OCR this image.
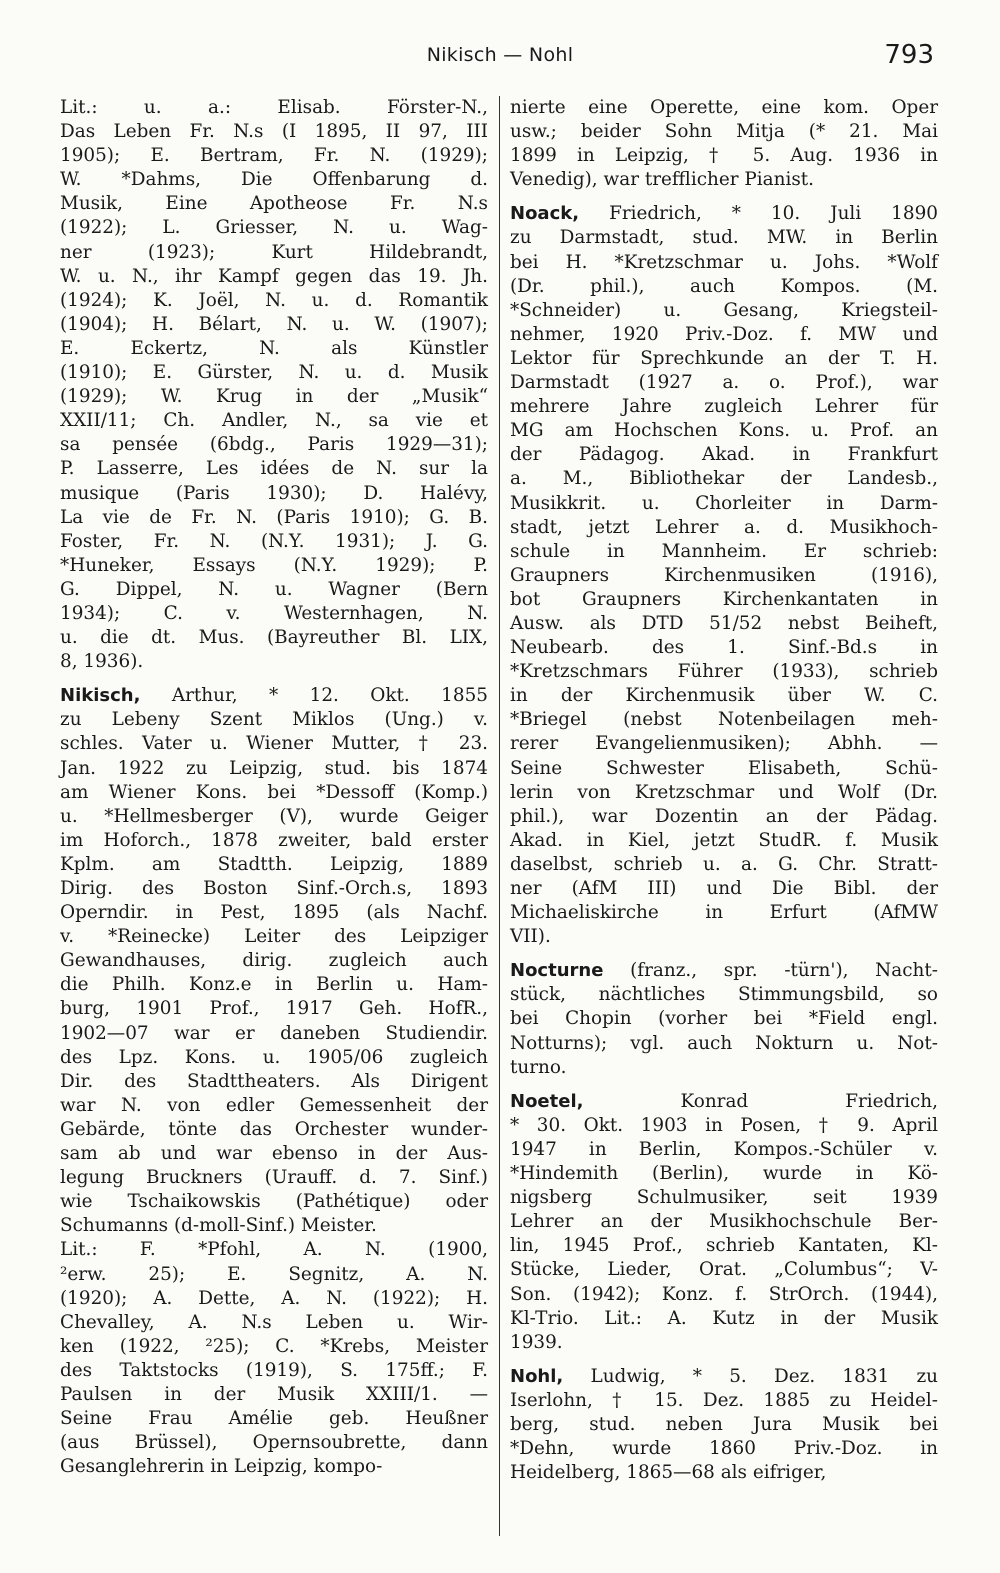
Nikisch — Nohl	793
Lit.: u. a.: Elisab. Förster-N.,
Das Leben Fr. N.s (I 1895, II 97, III
1905); E. Bertram, Fr. N. (1929);
W. *Dahms, Die Offenbarung d.
Musik, Eine Apotheose Fr. N.s
(1922); L. Griesser, N. u. Wag-
ner (1923); Kurt Hildebrandt,
W. u. N., ihr Kampf gegen das 19. Jh.
(1924); K. Joël, N. u. d. Romantik
(1904); H. Bélart, N. u. W. (1907);
E. Eckertz, N. als Künstler
(1910); E. Gürster, N. u. d. Musik
(1929); W. Krug in der „Musik“
XXII/11; Ch. Andler, N., sa vie et
sa pensée (6bdg., Paris 1929—31);
P. Lasserre, Les idées de N. sur la
musique (Paris 1930); D. Halévy,
La vie de Fr. N. (Paris 1910); G. B.
Foster, Fr. N. (N.Y. 1931); J. G.
*Huneker, Essays (N.Y. 1929); P.
G. Dippel, N. u. Wagner (Bern
1934); C. v. Westernhagen, N.
u. die dt. Mus. (Bayreuther Bl. LIX,
8, 1936).
Nikisch, Arthur, * 12. Okt. 1855
zu Lebeny Szent Miklos (Ung.) v.
schles. Vater u. Wiener Mutter, † 23.
Jan. 1922 zu Leipzig, stud. bis 1874
am Wiener Kons. bei *Dessoff (Komp.)
u. *Hellmesberger (V), wurde Geiger
im Hoforch., 1878 zweiter, bald erster
Kplm. am Stadtth. Leipzig, 1889
Dirig. des Boston Sinf.-Orch.s, 1893
Operndir. in Pest, 1895 (als Nachf.
v. *Reinecke) Leiter des Leipziger
Gewandhauses, dirig. zugleich auch
die Philh. Konz.e in Berlin u. Ham-
burg, 1901 Prof., 1917 Geh. HofR.,
1902—07 war er daneben Studiendir.
des Lpz. Kons. u. 1905/06 zugleich
Dir. des Stadttheaters. Als Dirigent
war N. von edler Gemessenheit der
Gebärde, tönte das Orchester wunder-
sam ab und war ebenso in der Aus-
legung Bruckners (Urauff. d. 7. Sinf.)
wie Tschaikowskis (Pathétique) oder
Schumanns (d-moll-Sinf.) Meister.
Lit.: F. *Pfohl, A. N. (1900,
²erw. 25); E. Segnitz, A. N.
(1920); A. Dette, A. N. (1922); H.
Chevalley, A. N.s Leben u. Wir-
ken (1922, ²25); C. *Krebs, Meister
des Taktstocks (1919), S. 175ff.; F.
Paulsen in der Musik XXIII/1. —
Seine Frau Amélie geb. Heußner
(aus Brüssel), Opernsoubrette, dann
Gesanglehrerin in Leipzig, kompo-
nierte eine Operette, eine kom. Oper
usw.; beider Sohn Mitja (* 21. Mai
1899 in Leipzig, † 5. Aug. 1936 in
Venedig), war trefflicher Pianist.
Noack, Friedrich, * 10. Juli 1890
zu Darmstadt, stud. MW. in Berlin
bei H. *Kretzschmar u. Johs. *Wolf
(Dr. phil.), auch Kompos. (M.
*Schneider) u. Gesang, Kriegsteil-
nehmer, 1920 Priv.-Doz. f. MW und
Lektor für Sprechkunde an der T. H.
Darmstadt (1927 a. o. Prof.), war
mehrere Jahre zugleich Lehrer für
MG am Hochschen Kons. u. Prof. an
der Pädagog. Akad. in Frankfurt
a. M., Bibliothekar der Landesb.,
Musikkrit. u. Chorleiter in Darm-
stadt, jetzt Lehrer a. d. Musikhoch-
schule in Mannheim. Er schrieb:
Graupners Kirchenmusiken (1916),
bot Graupners Kirchenkantaten in
Ausw. als DTD 51/52 nebst Beiheft,
Neubearb. des 1. Sinf.-Bd.s in
*Kretzschmars Führer (1933), schrieb
in der Kirchenmusik über W. C.
*Briegel (nebst Notenbeilagen meh-
rerer Evangelienmusiken); Abhh. —
Seine Schwester Elisabeth, Schü-
lerin von Kretzschmar und Wolf (Dr.
phil.), war Dozentin an der Pädag.
Akad. in Kiel, jetzt StudR. f. Musik
daselbst, schrieb u. a. G. Chr. Stratt-
ner (AfM III) und Die Bibl. der
Michaeliskirche in Erfurt (AfMW
VII).
Nocturne (franz., spr. -türn'), Nacht-
stück, nächtliches Stimmungsbild, so
bei Chopin (vorher bei *Field engl.
Notturns); vgl. auch Nokturn u. Not-
turno.
Noetel,	Konrad Friedrich,
* 30. Okt. 1903 in Posen, † 9. April
1947 in Berlin, Kompos.-Schüler v.
*Hindemith (Berlin), wurde in Kö-
nigsberg Schulmusiker, seit 1939
Lehrer an der Musikhochschule Ber-
lin, 1945 Prof., schrieb Kantaten, Kl-
Stücke, Lieder, Orat. „Columbus“; V-
Son. (1942); Konz. f. StrOrch. (1944),
Kl-Trio. Lit.: A. Kutz in der Musik
1939.
Nohl, Ludwig, * 5. Dez. 1831 zu
Iserlohn, † 15. Dez. 1885 zu Heidel-
berg, stud. neben Jura Musik bei
*Dehn, wurde 1860 Priv.-Doz. in
Heidelberg, 1865—68 als eifriger,
